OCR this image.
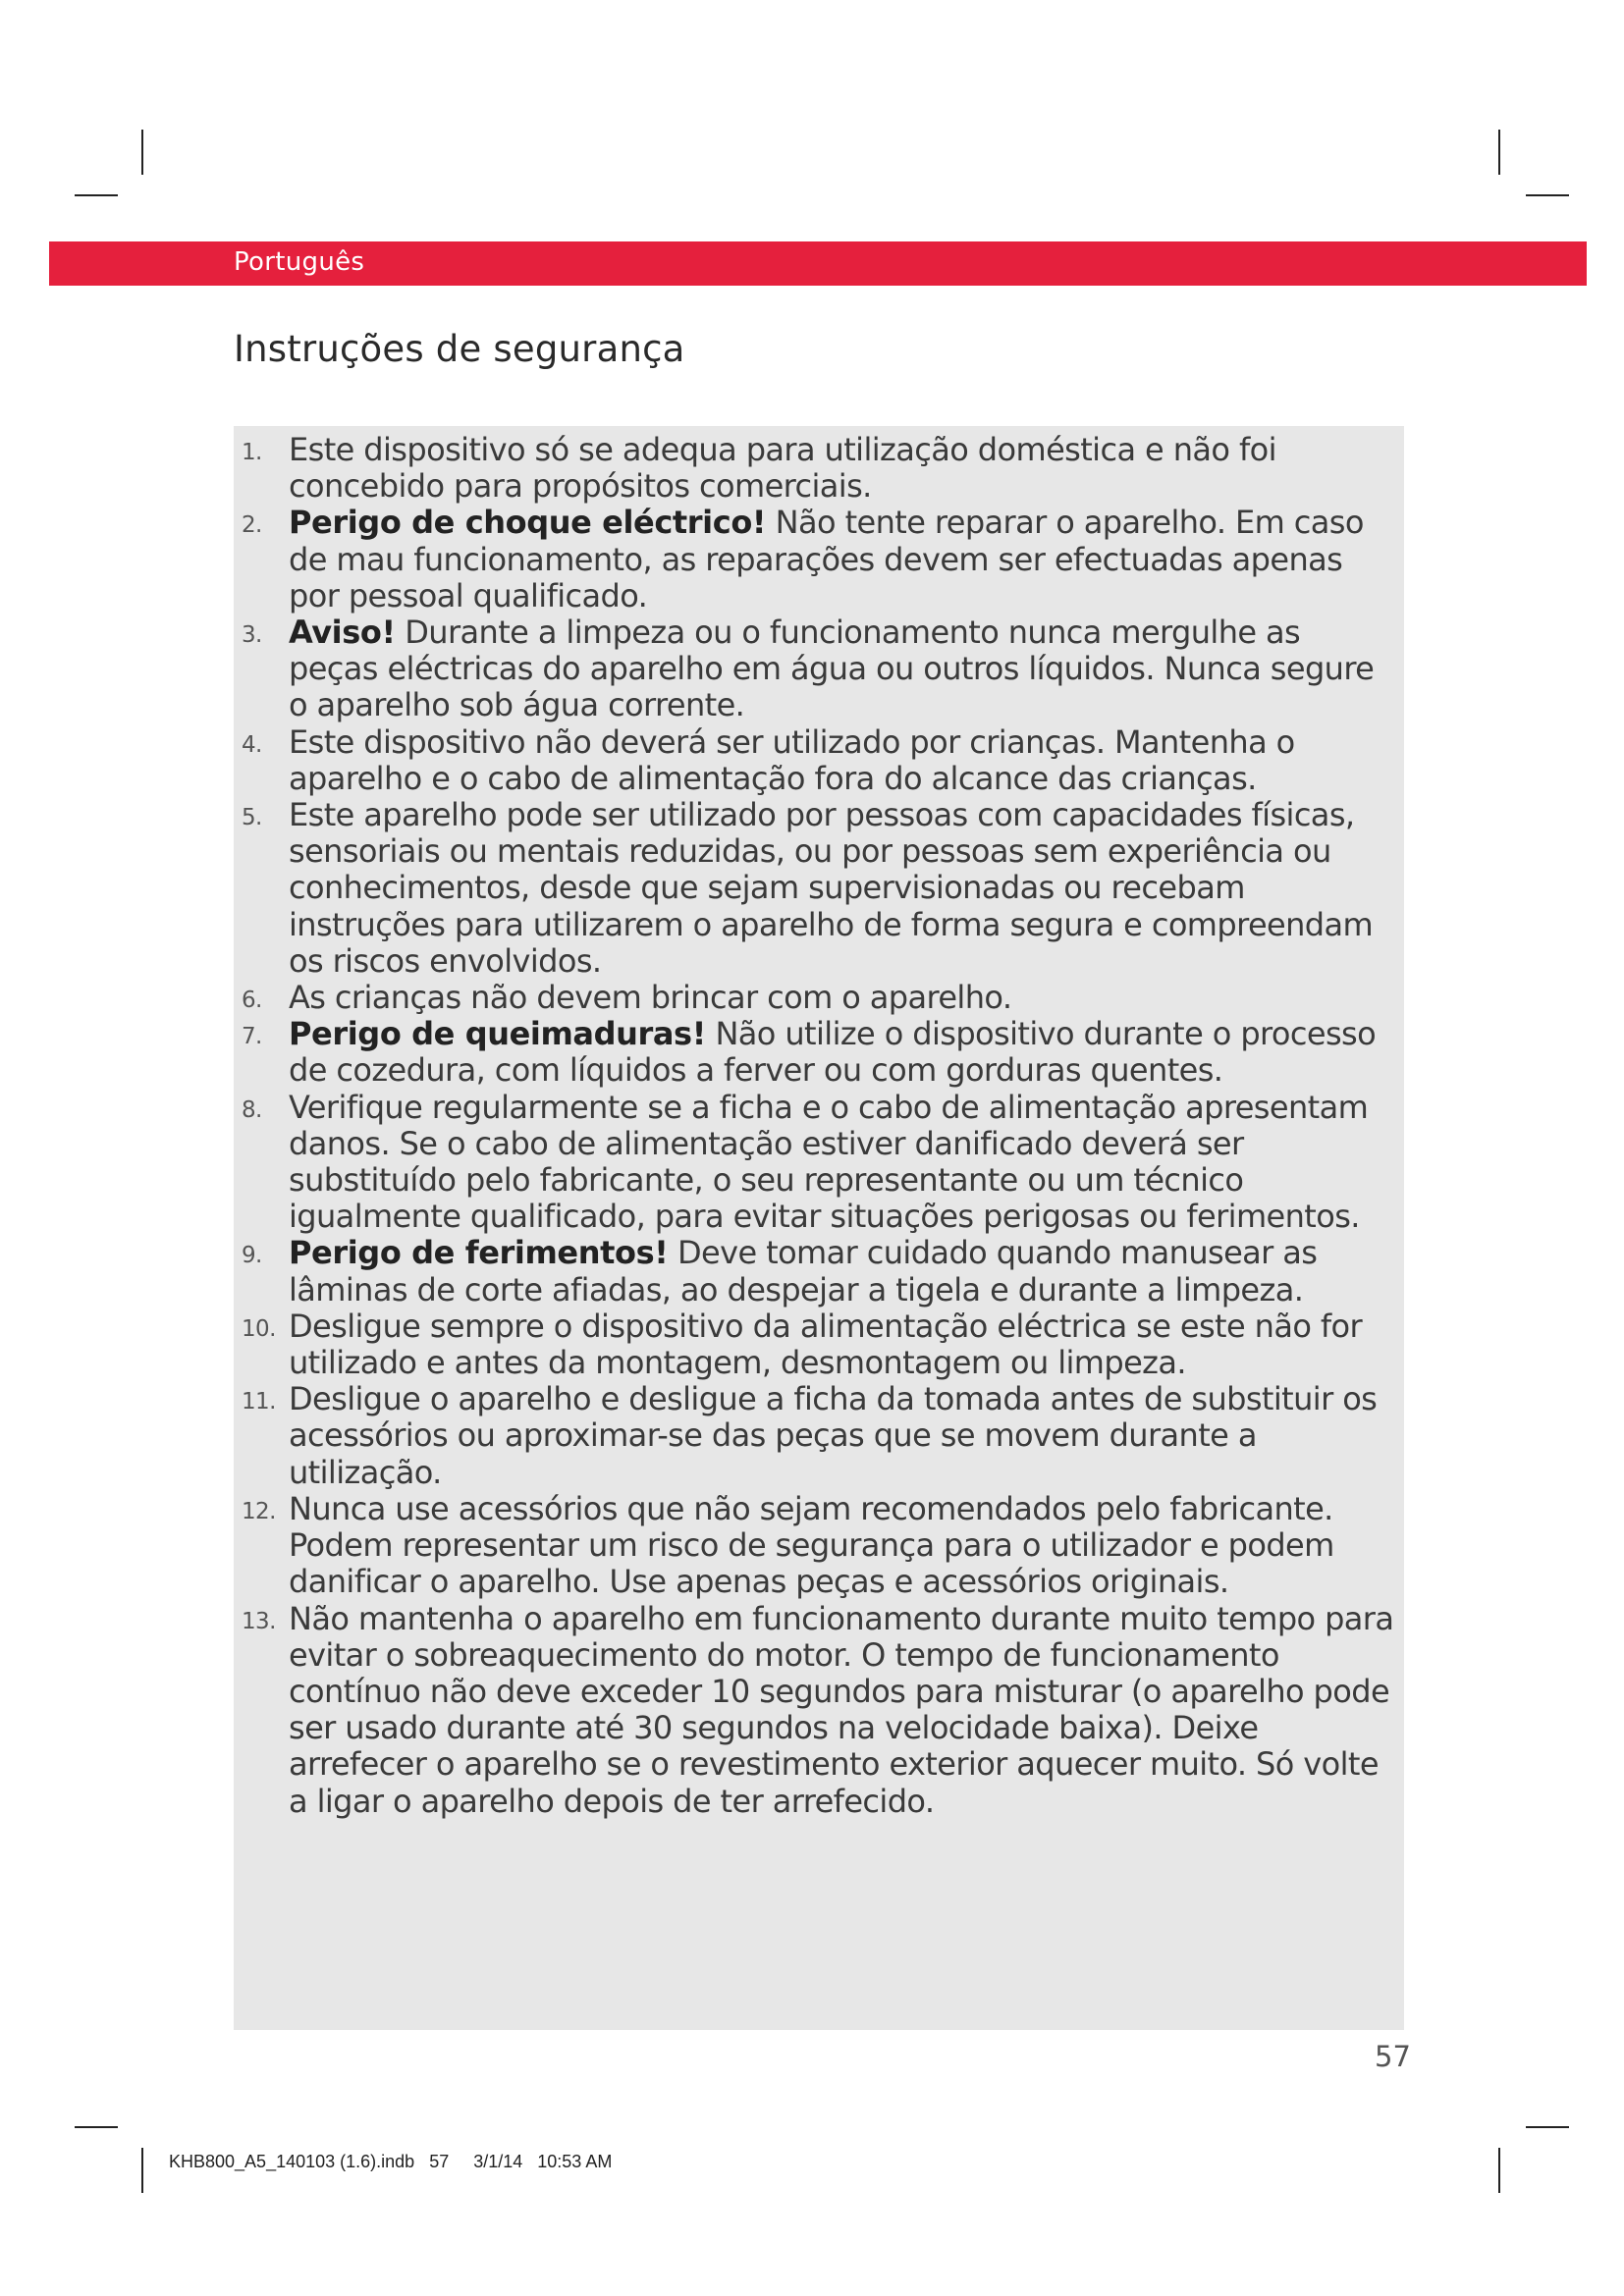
Português
Instruções de segurança
1. Este dispositivo só se adequa para utilização doméstica e não foi concebido para propósitos comerciais.
2. Perigo de choque eléctrico! Não tente reparar o aparelho. Em caso de mau funcionamento, as reparações devem ser efectuadas apenas por pessoal qualificado.
3. Aviso! Durante a limpeza ou o funcionamento nunca mergulhe as peças eléctricas do aparelho em água ou outros líquidos. Nunca segure o aparelho sob água corrente.
4. Este dispositivo não deverá ser utilizado por crianças. Mantenha o aparelho e o cabo de alimentação fora do alcance das crianças.
5. Este aparelho pode ser utilizado por pessoas com capacidades físicas, sensoriais ou mentais reduzidas, ou por pessoas sem experiência ou conhecimentos, desde que sejam supervisionadas ou recebam instruções para utilizarem o aparelho de forma segura e compreendam os riscos envolvidos.
6. As crianças não devem brincar com o aparelho.
7. Perigo de queimaduras! Não utilize o dispositivo durante o processo de cozedura, com líquidos a ferver ou com gorduras quentes.
8. Verifique regularmente se a ficha e o cabo de alimentação apresentam danos. Se o cabo de alimentação estiver danificado deverá ser substituído pelo fabricante, o seu representante ou um técnico igualmente qualificado, para evitar situações perigosas ou ferimentos.
9. Perigo de ferimentos! Deve tomar cuidado quando manusear as lâminas de corte afiadas, ao despejar a tigela e durante a limpeza.
10. Desligue sempre o dispositivo da alimentação eléctrica se este não for utilizado e antes da montagem, desmontagem ou limpeza.
11. Desligue o aparelho e desligue a ficha da tomada antes de substituir os acessórios ou aproximar-se das peças que se movem durante a utilização.
12. Nunca use acessórios que não sejam recomendados pelo fabricante. Podem representar um risco de segurança para o utilizador e podem danificar o aparelho. Use apenas peças e acessórios originais.
13. Não mantenha o aparelho em funcionamento durante muito tempo para evitar o sobreaquecimento do motor. O tempo de funcionamento contínuo não deve exceder 10 segundos para misturar (o aparelho pode ser usado durante até 30 segundos na velocidade baixa). Deixe arrefecer o aparelho se o revestimento exterior aquecer muito. Só volte a ligar o aparelho depois de ter arrefecido.
57
KHB800_A5_140103 (1.6).indb   57     3/1/14   10:53 AM
